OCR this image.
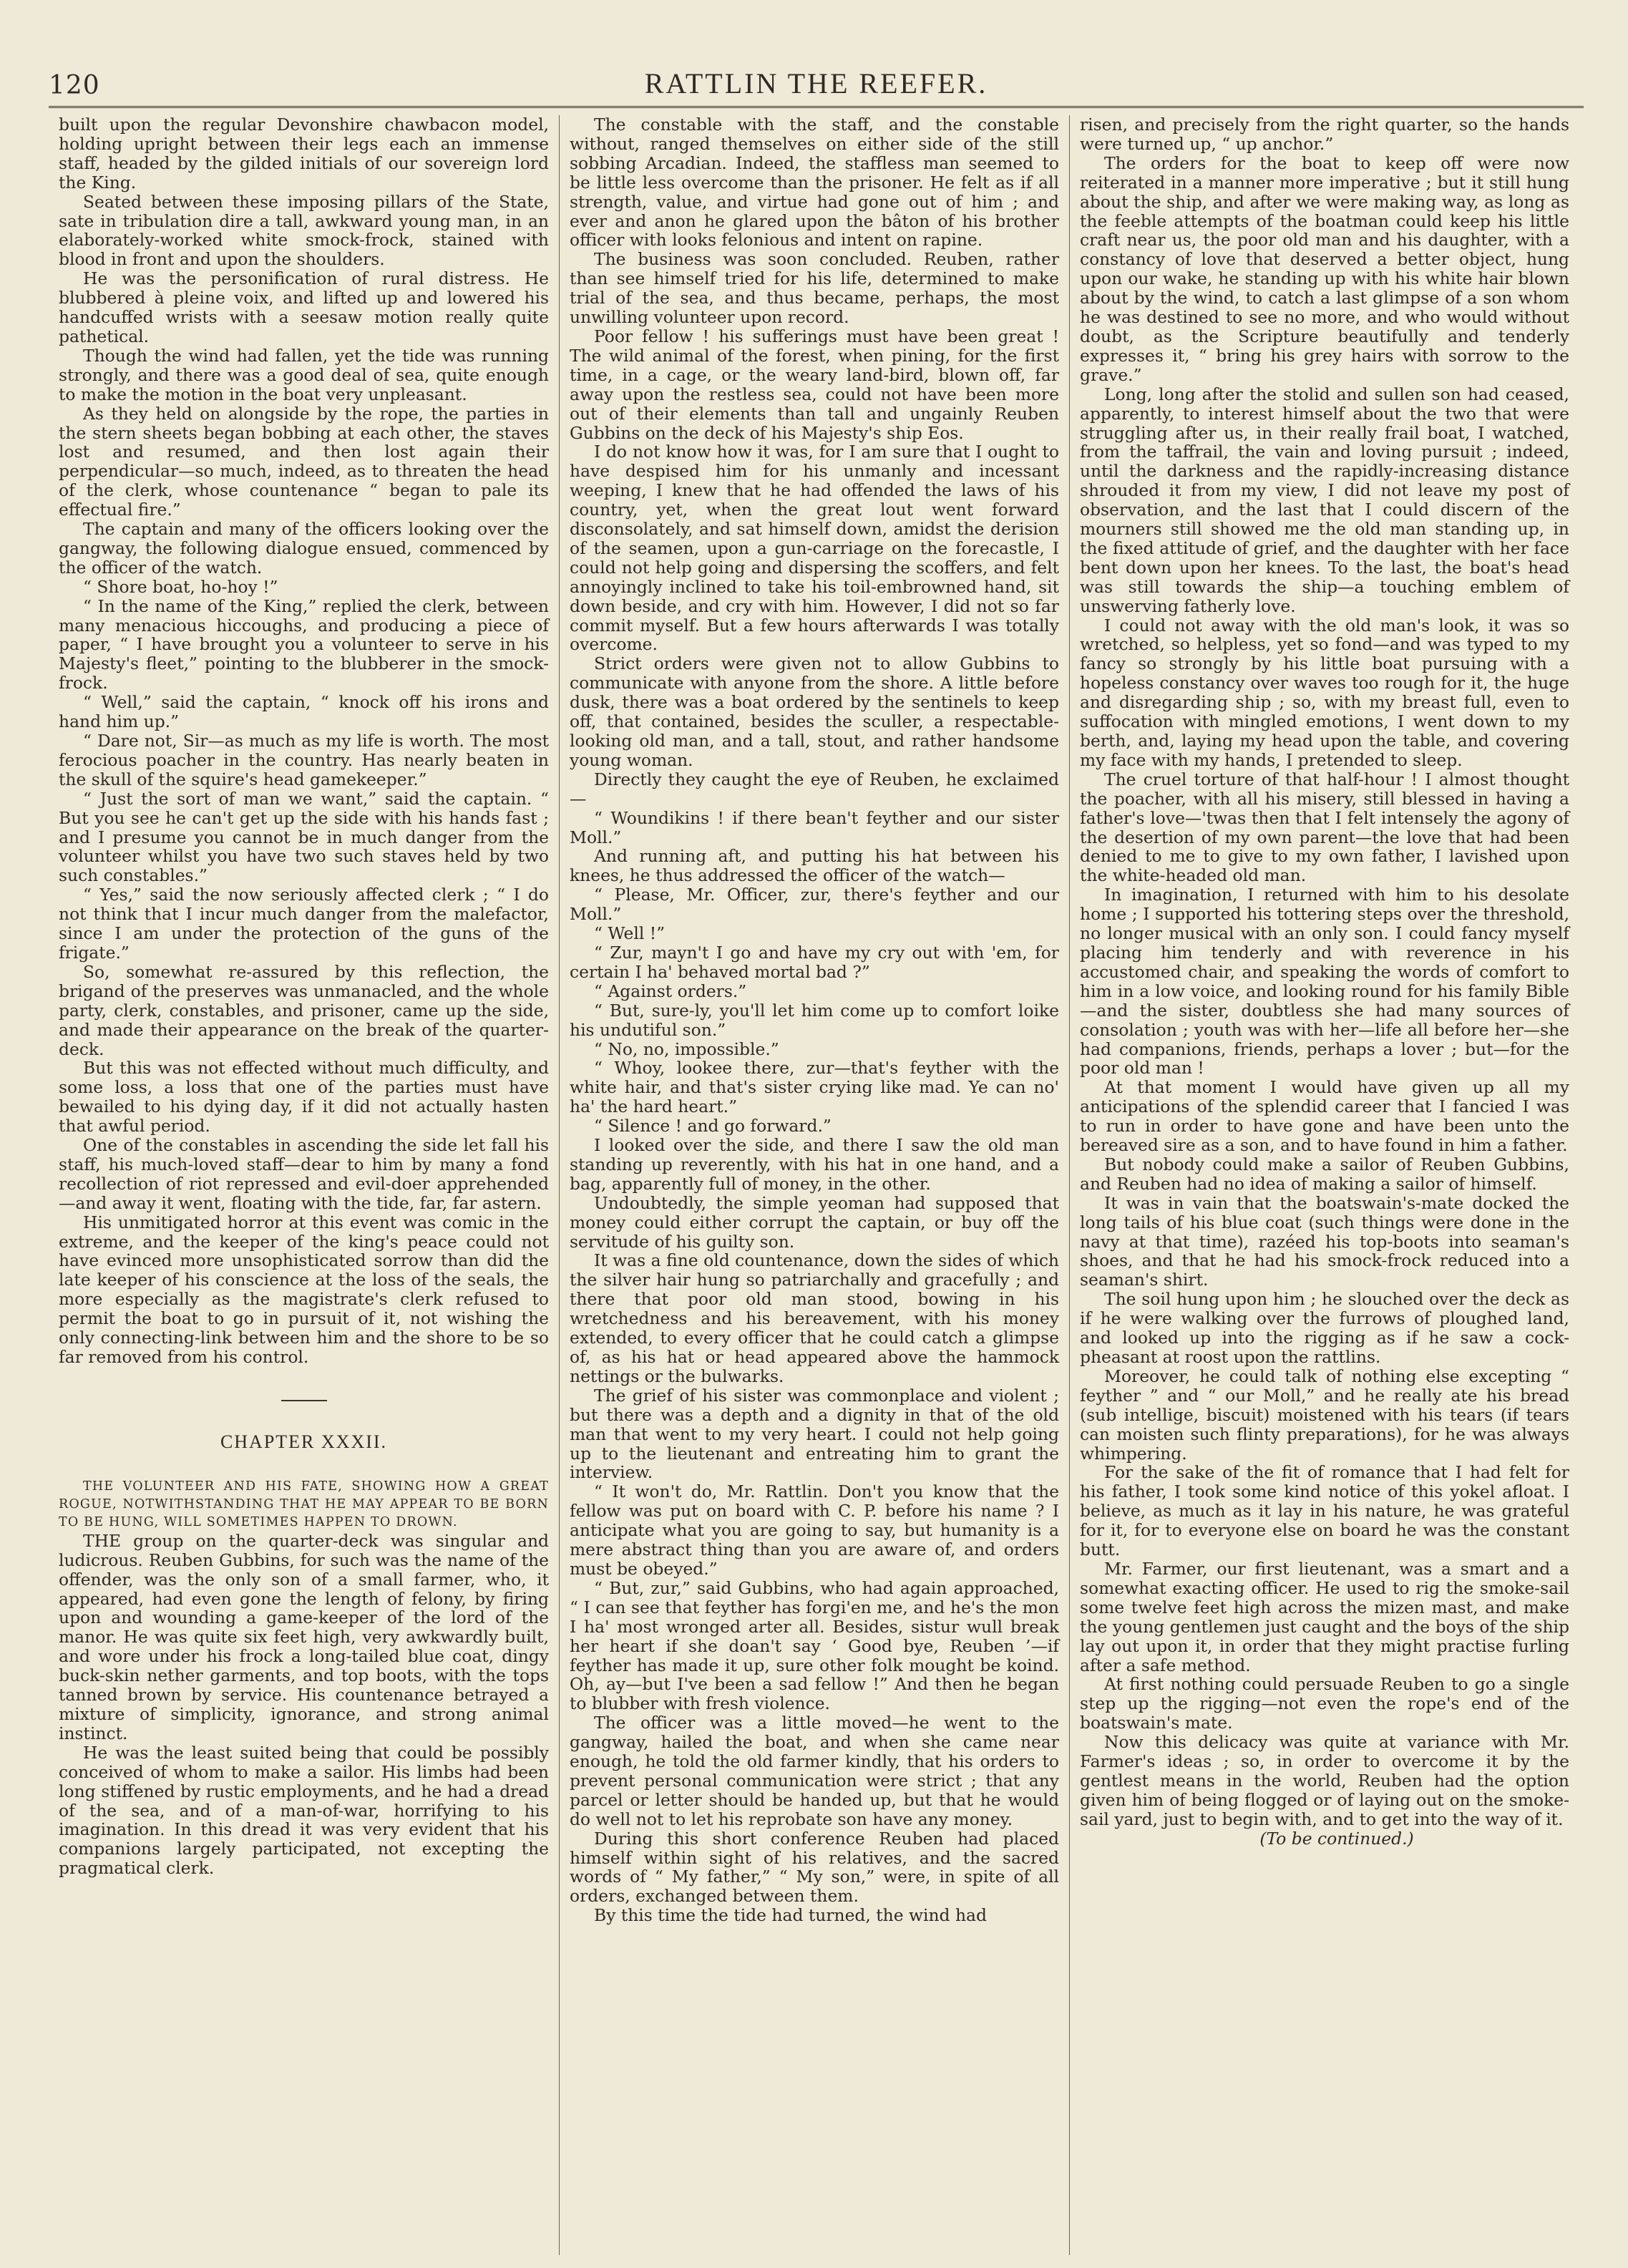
120	RATTLIN THE REEFER.

built upon the regular Devonshire chawbacon model, holding upright between their legs each an immense staff, headed by the gilded initials of our sovereign lord the King.

Seated between these imposing pillars of the State, sate in tribulation dire a tall, awkward young man, in an elaborately-worked white smock-frock, stained with blood in front and upon the shoulders.

He was the personification of rural distress. He blubbered à pleine voix, and lifted up and lowered his handcuffed wrists with a seesaw motion really quite pathetical.

Though the wind had fallen, yet the tide was running strongly, and there was a good deal of sea, quite enough to make the motion in the boat very unpleasant.

As they held on alongside by the rope, the parties in the stern sheets began bobbing at each other, the staves lost and resumed, and then lost again their perpendicular—so much, indeed, as to threaten the head of the clerk, whose countenance “ began to pale its effectual fire.”

The captain and many of the officers looking over the gangway, the following dialogue ensued, commenced by the officer of the watch.

“ Shore boat, ho-hoy !”

“ In the name of the King,” replied the clerk, between many menacious hiccoughs, and producing a piece of paper, “ I have brought you a volunteer to serve in his Majesty's fleet,” pointing to the blubberer in the smock-frock.

“ Well,” said the captain, “ knock off his irons and hand him up.”

“ Dare not, Sir—as much as my life is worth. The most ferocious poacher in the country. Has nearly beaten in the skull of the squire's head gamekeeper.”

“ Just the sort of man we want,” said the captain. “ But you see he can't get up the side with his hands fast ; and I presume you cannot be in much danger from the volunteer whilst you have two such staves held by two such constables.”

“ Yes,” said the now seriously affected clerk ; “ I do not think that I incur much danger from the malefactor, since I am under the protection of the guns of the frigate.”

So, somewhat re-assured by this reflection, the brigand of the preserves was unmanacled, and the whole party, clerk, constables, and prisoner, came up the side, and made their appearance on the break of the quarter-deck.

But this was not effected without much difficulty, and some loss, a loss that one of the parties must have bewailed to his dying day, if it did not actually hasten that awful period.

One of the constables in ascending the side let fall his staff, his much-loved staff—dear to him by many a fond recollection of riot repressed and evil-doer apprehended—and away it went, floating with the tide, far, far astern.

His unmitigated horror at this event was comic in the extreme, and the keeper of the king's peace could not have evinced more unsophisticated sorrow than did the late keeper of his conscience at the loss of the seals, the more especially as the magistrate's clerk refused to permit the boat to go in pursuit of it, not wishing the only connecting-link between him and the shore to be so far removed from his control.

CHAPTER XXXII.

THE VOLUNTEER AND HIS FATE, SHOWING HOW A GREAT ROGUE, NOTWITHSTANDING THAT HE MAY APPEAR TO BE BORN TO BE HUNG, WILL SOMETIMES HAPPEN TO DROWN.

THE group on the quarter-deck was singular and ludicrous. Reuben Gubbins, for such was the name of the offender, was the only son of a small farmer, who, it appeared, had even gone the length of felony, by firing upon and wounding a game-keeper of the lord of the manor. He was quite six feet high, very awkwardly built, and wore under his frock a long-tailed blue coat, dingy buck-skin nether garments, and top boots, with the tops tanned brown by service. His countenance betrayed a mixture of simplicity, ignorance, and strong animal instinct.

He was the least suited being that could be possibly conceived of whom to make a sailor. His limbs had been long stiffened by rustic employments, and he had a dread of the sea, and of a man-of-war, horrifying to his imagination. In this dread it was very evident that his companions largely participated, not excepting the pragmatical clerk.

The constable with the staff, and the constable without, ranged themselves on either side of the still sobbing Arcadian. Indeed, the staffless man seemed to be little less overcome than the prisoner. He felt as if all strength, value, and virtue had gone out of him ; and ever and anon he glared upon the bâton of his brother officer with looks felonious and intent on rapine.

The business was soon concluded. Reuben, rather than see himself tried for his life, determined to make trial of the sea, and thus became, perhaps, the most unwilling volunteer upon record.

Poor fellow ! his sufferings must have been great ! The wild animal of the forest, when pining, for the first time, in a cage, or the weary land-bird, blown off, far away upon the restless sea, could not have been more out of their elements than tall and ungainly Reuben Gubbins on the deck of his Majesty's ship Eos.

I do not know how it was, for I am sure that I ought to have despised him for his unmanly and incessant weeping, I knew that he had offended the laws of his country, yet, when the great lout went forward disconsolately, and sat himself down, amidst the derision of the seamen, upon a gun-carriage on the forecastle, I could not help going and dispersing the scoffers, and felt annoyingly inclined to take his toil-embrowned hand, sit down beside, and cry with him. However, I did not so far commit myself. But a few hours afterwards I was totally overcome.

Strict orders were given not to allow Gubbins to communicate with anyone from the shore. A little before dusk, there was a boat ordered by the sentinels to keep off, that contained, besides the sculler, a respectable-looking old man, and a tall, stout, and rather handsome young woman.

Directly they caught the eye of Reuben, he exclaimed—

“ Woundikins ! if there bean't feyther and our sister Moll.”

And running aft, and putting his hat between his knees, he thus addressed the officer of the watch—

“ Please, Mr. Officer, zur, there's feyther and our Moll.”

“ Well !”

“ Zur, mayn't I go and have my cry out with 'em, for certain I ha' behaved mortal bad ?”

“ Against orders.”

“ But, sure-ly, you'll let him come up to comfort loike his undutiful son.”

“ No, no, impossible.”

“ Whoy, lookee there, zur—that's feyther with the white hair, and that's sister crying like mad. Ye can no' ha' the hard heart.”

“ Silence ! and go forward.”

I looked over the side, and there I saw the old man standing up reverently, with his hat in one hand, and a bag, apparently full of money, in the other.

Undoubtedly, the simple yeoman had supposed that money could either corrupt the captain, or buy off the servitude of his guilty son.

It was a fine old countenance, down the sides of which the silver hair hung so patriarchally and gracefully ; and there that poor old man stood, bowing in his wretchedness and his bereavement, with his money extended, to every officer that he could catch a glimpse of, as his hat or head appeared above the hammock nettings or the bulwarks.

The grief of his sister was commonplace and violent ; but there was a depth and a dignity in that of the old man that went to my very heart. I could not help going up to the lieutenant and entreating him to grant the interview.

“ It won't do, Mr. Rattlin. Don't you know that the fellow was put on board with C. P. before his name ? I anticipate what you are going to say, but humanity is a mere abstract thing than you are aware of, and orders must be obeyed.”

“ But, zur,” said Gubbins, who had again approached, “ I can see that feyther has forgi'en me, and he's the mon I ha' most wronged arter all. Besides, sistur wull break her heart if she doan't say ‘ Good bye, Reuben ’—if feyther has made it up, sure other folk mought be koind. Oh, ay—but I've been a sad fellow !” And then he began to blubber with fresh violence.

The officer was a little moved—he went to the gangway, hailed the boat, and when she came near enough, he told the old farmer kindly, that his orders to prevent personal communication were strict ; that any parcel or letter should be handed up, but that he would do well not to let his reprobate son have any money.

During this short conference Reuben had placed himself within sight of his relatives, and the sacred words of “ My father,” “ My son,” were, in spite of all orders, exchanged between them.

By this time the tide had turned, the wind had

risen, and precisely from the right quarter, so the hands were turned up, “ up anchor.”

The orders for the boat to keep off were now reiterated in a manner more imperative ; but it still hung about the ship, and after we were making way, as long as the feeble attempts of the boatman could keep his little craft near us, the poor old man and his daughter, with a constancy of love that deserved a better object, hung upon our wake, he standing up with his white hair blown about by the wind, to catch a last glimpse of a son whom he was destined to see no more, and who would without doubt, as the Scripture beautifully and tenderly expresses it, “ bring his grey hairs with sorrow to the grave.”

Long, long after the stolid and sullen son had ceased, apparently, to interest himself about the two that were struggling after us, in their really frail boat, I watched, from the taffrail, the vain and loving pursuit ; indeed, until the darkness and the rapidly-increasing distance shrouded it from my view, I did not leave my post of observation, and the last that I could discern of the mourners still showed me the old man standing up, in the fixed attitude of grief, and the daughter with her face bent down upon her knees. To the last, the boat's head was still towards the ship—a touching emblem of unswerving fatherly love.

I could not away with the old man's look, it was so wretched, so helpless, yet so fond—and was typed to my fancy so strongly by his little boat pursuing with a hopeless constancy over waves too rough for it, the huge and disregarding ship ; so, with my breast full, even to suffocation with mingled emotions, I went down to my berth, and, laying my head upon the table, and covering my face with my hands, I pretended to sleep.

The cruel torture of that half-hour ! I almost thought the poacher, with all his misery, still blessed in having a father's love—'twas then that I felt intensely the agony of the desertion of my own parent—the love that had been denied to me to give to my own father, I lavished upon the white-headed old man.

In imagination, I returned with him to his desolate home ; I supported his tottering steps over the threshold, no longer musical with an only son. I could fancy myself placing him tenderly and with reverence in his accustomed chair, and speaking the words of comfort to him in a low voice, and looking round for his family Bible—and the sister, doubtless she had many sources of consolation ; youth was with her—life all before her—she had companions, friends, perhaps a lover ; but—for the poor old man !

At that moment I would have given up all my anticipations of the splendid career that I fancied I was to run in order to have gone and have been unto the bereaved sire as a son, and to have found in him a father.

But nobody could make a sailor of Reuben Gubbins, and Reuben had no idea of making a sailor of himself.

It was in vain that the boatswain's-mate docked the long tails of his blue coat (such things were done in the navy at that time), razéed his top-boots into seaman's shoes, and that he had his smock-frock reduced into a seaman's shirt.

The soil hung upon him ; he slouched over the deck as if he were walking over the furrows of ploughed land, and looked up into the rigging as if he saw a cock-pheasant at roost upon the rattlins.

Moreover, he could talk of nothing else excepting “ feyther ” and “ our Moll,” and he really ate his bread (sub intellige, biscuit) moistened with his tears (if tears can moisten such flinty preparations), for he was always whimpering.

For the sake of the fit of romance that I had felt for his father, I took some kind notice of this yokel afloat. I believe, as much as it lay in his nature, he was grateful for it, for to everyone else on board he was the constant butt.

Mr. Farmer, our first lieutenant, was a smart and a somewhat exacting officer. He used to rig the smoke-sail some twelve feet high across the mizen mast, and make the young gentlemen just caught and the boys of the ship lay out upon it, in order that they might practise furling after a safe method.

At first nothing could persuade Reuben to go a single step up the rigging—not even the rope's end of the boatswain's mate.

Now this delicacy was quite at variance with Mr. Farmer's ideas ; so, in order to overcome it by the gentlest means in the world, Reuben had the option given him of being flogged or of laying out on the smoke-sail yard, just to begin with, and to get into the way of it.

(To be continued.)
